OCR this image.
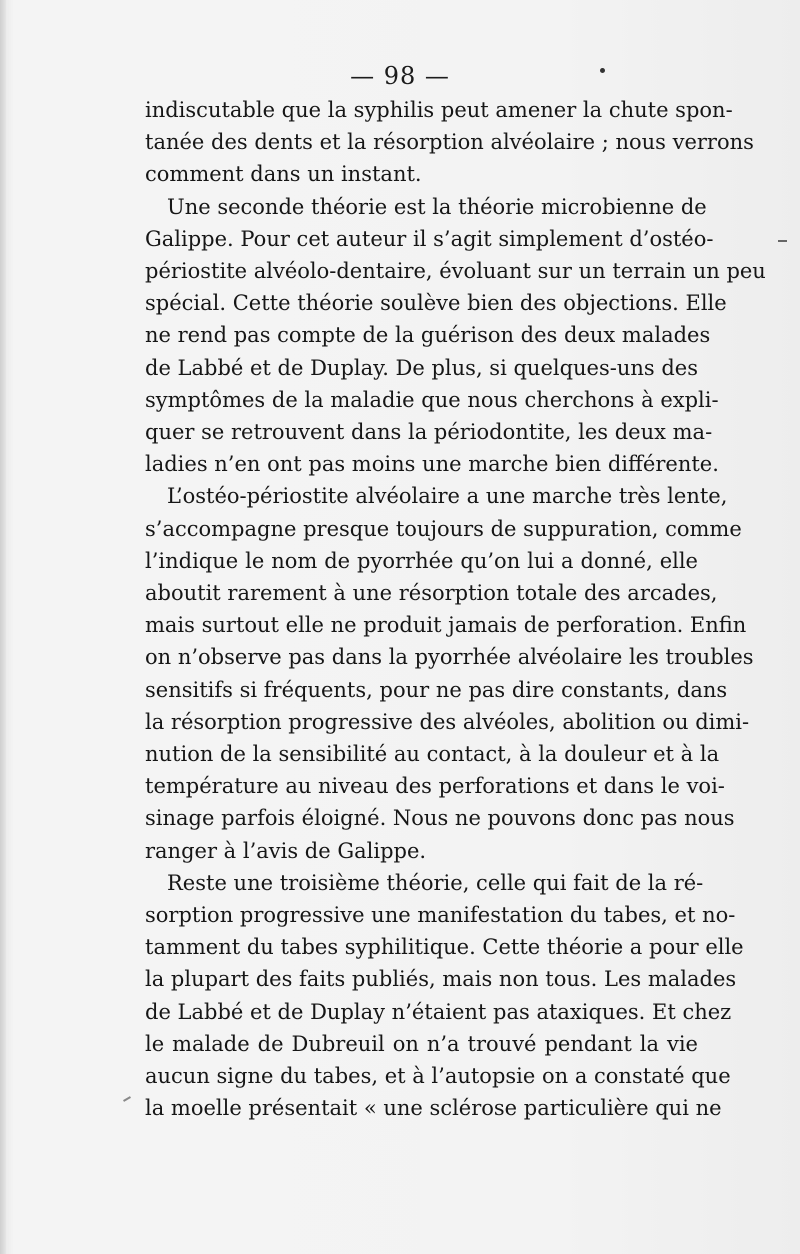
— 98 —
indiscutable que la syphilis peut amener la chute spon-
tanée des dents et la résorption alvéolaire ; nous verrons
comment dans un instant.
Une seconde théorie est la théorie microbienne de
Galippe. Pour cet auteur il s’agit simplement d’ostéo-
périostite alvéolo-dentaire, évoluant sur un terrain un peu
spécial. Cette théorie soulève bien des objections. Elle
ne rend pas compte de la guérison des deux malades
de Labbé et de Duplay. De plus, si quelques-uns des
symptômes de la maladie que nous cherchons à expli-
quer se retrouvent dans la périodontite, les deux ma-
ladies n’en ont pas moins une marche bien différente.
L’ostéo-périostite alvéolaire a une marche très lente,
s’accompagne presque toujours de suppuration, comme
l’indique le nom de pyorrhée qu’on lui a donné, elle
aboutit rarement à une résorption totale des arcades,
mais surtout elle ne produit jamais de perforation. Enfin
on n’observe pas dans la pyorrhée alvéolaire les troubles
sensitifs si fréquents, pour ne pas dire constants, dans
la résorption progressive des alvéoles, abolition ou dimi-
nution de la sensibilité au contact, à la douleur et à la
température au niveau des perforations et dans le voi-
sinage parfois éloigné. Nous ne pouvons donc pas nous
ranger à l’avis de Galippe.
Reste une troisième théorie, celle qui fait de la ré-
sorption progressive une manifestation du tabes, et no-
tamment du tabes syphilitique. Cette théorie a pour elle
la plupart des faits publiés, mais non tous. Les malades
de Labbé et de Duplay n’étaient pas ataxiques. Et chez
le malade de Dubreuil on n’a trouvé pendant la vie
aucun signe du tabes, et à l’autopsie on a constaté que
la moelle présentait « une sclérose particulière qui ne
